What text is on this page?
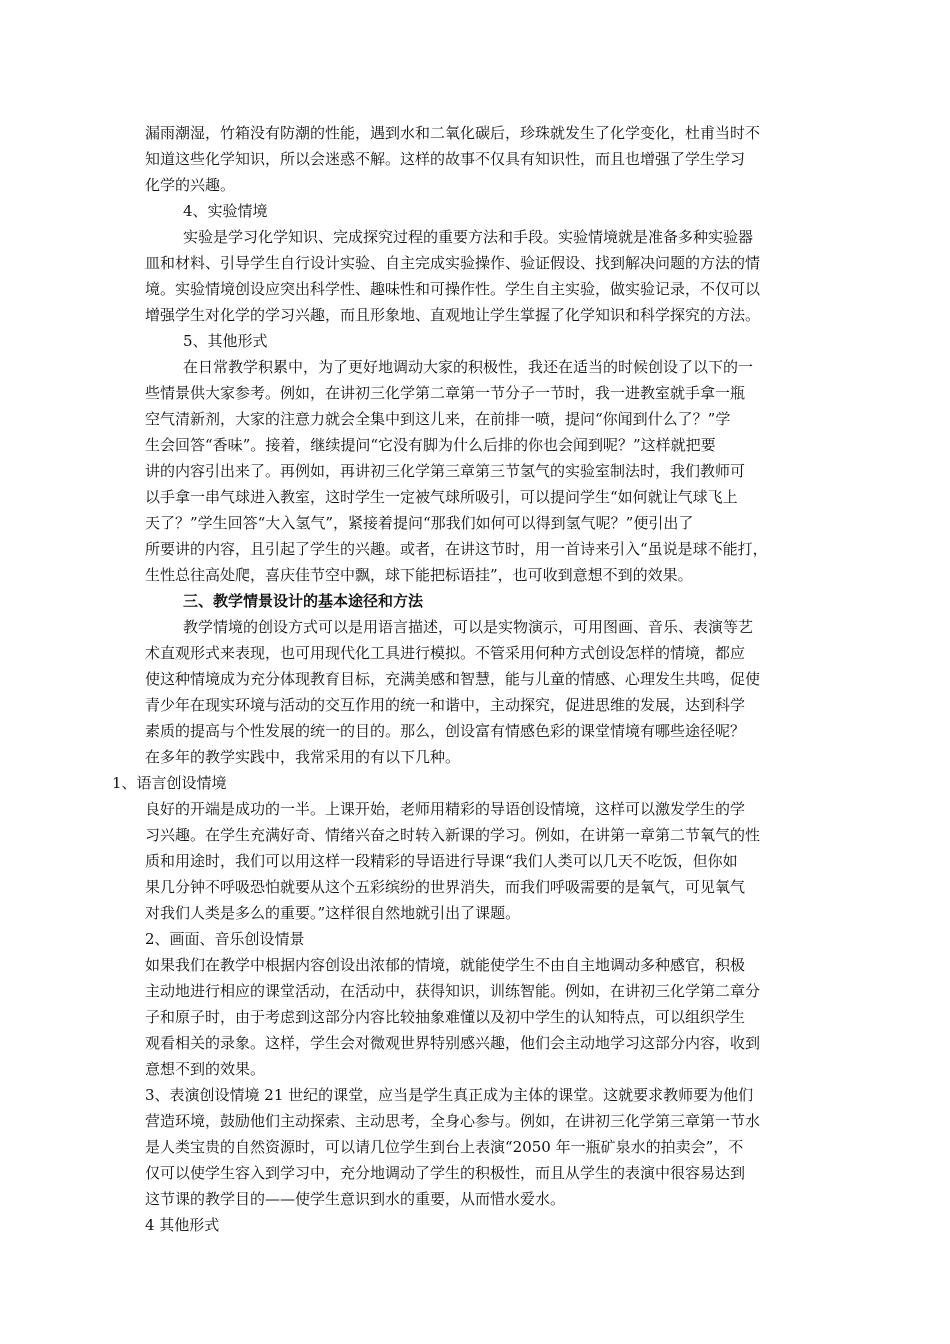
漏雨潮湿，竹箱没有防潮的性能，遇到水和二氧化碳后，珍珠就发生了化学变化，杜甫当时不
知道这些化学知识，所以会迷惑不解。这样的故事不仅具有知识性，而且也增强了学生学习
化学的兴趣。
4、实验情境
实验是学习化学知识、完成探究过程的重要方法和手段。实验情境就是准备多种实验器
皿和材料、引导学生自行设计实验、自主完成实验操作、验证假设、找到解决问题的方法的情
境。实验情境创设应突出科学性、趣味性和可操作性。学生自主实验，做实验记录，不仅可以
增强学生对化学的学习兴趣，而且形象地、直观地让学生掌握了化学知识和科学探究的方法。
5、其他形式
在日常教学积累中，为了更好地调动大家的积极性，我还在适当的时候创设了以下的一
些情景供大家参考。例如，在讲初三化学第二章第一节分子一节时，我一进教室就手拿一瓶
空气清新剂，大家的注意力就会全集中到这儿来，在前排一喷，提问“你闻到什么了？”学
生会回答“香味”。接着，继续提问“它没有脚为什么后排的你也会闻到呢？”这样就把要
讲的内容引出来了。再例如，再讲初三化学第三章第三节氢气的实验室制法时，我们教师可
以手拿一串气球进入教室，这时学生一定被气球所吸引，可以提问学生“如何就让气球飞上
天了？”学生回答“大入氢气”，紧接着提问“那我们如何可以得到氢气呢？”便引出了
所要讲的内容，且引起了学生的兴趣。或者，在讲这节时，用一首诗来引入“虽说是球不能打，
生性总往高处爬，喜庆佳节空中飘，球下能把标语挂”，也可收到意想不到的效果。
三、教学情景设计的基本途径和方法
教学情境的创设方式可以是用语言描述，可以是实物演示，可用图画、音乐、表演等艺
术直观形式来表现，也可用现代化工具进行模拟。不管采用何种方式创设怎样的情境，都应
使这种情境成为充分体现教育目标，充满美感和智慧，能与儿童的情感、心理发生共鸣，促使
青少年在现实环境与活动的交互作用的统一和谐中，主动探究，促进思维的发展，达到科学
素质的提高与个性发展的统一的目的。那么，创设富有情感色彩的课堂情境有哪些途径呢？
在多年的教学实践中，我常采用的有以下几种。
1、语言创设情境
良好的开端是成功的一半。上课开始，老师用精彩的导语创设情境，这样可以激发学生的学
习兴趣。在学生充满好奇、情绪兴奋之时转入新课的学习。例如，在讲第一章第二节氧气的性
质和用途时，我们可以用这样一段精彩的导语进行导课“我们人类可以几天不吃饭，但你如
果几分钟不呼吸恐怕就要从这个五彩缤纷的世界消失，而我们呼吸需要的是氧气，可见氧气
对我们人类是多么的重要。”这样很自然地就引出了课题。
2、画面、音乐创设情景
如果我们在教学中根据内容创设出浓郁的情境，就能使学生不由自主地调动多种感官，积极
主动地进行相应的课堂活动，在活动中，获得知识，训练智能。例如，在讲初三化学第二章分
子和原子时，由于考虑到这部分内容比较抽象难懂以及初中学生的认知特点，可以组织学生
观看相关的录象。这样，学生会对微观世界特别感兴趣，他们会主动地学习这部分内容，收到
意想不到的效果。
3、表演创设情境 21 世纪的课堂，应当是学生真正成为主体的课堂。这就要求教师要为他们
营造环境，鼓励他们主动探索、主动思考，全身心参与。例如，在讲初三化学第三章第一节水
是人类宝贵的自然资源时，可以请几位学生到台上表演“2050 年一瓶矿泉水的拍卖会”，不
仅可以使学生容入到学习中，充分地调动了学生的积极性，而且从学生的表演中很容易达到
这节课的教学目的——使学生意识到水的重要，从而惜水爱水。
4 其他形式
